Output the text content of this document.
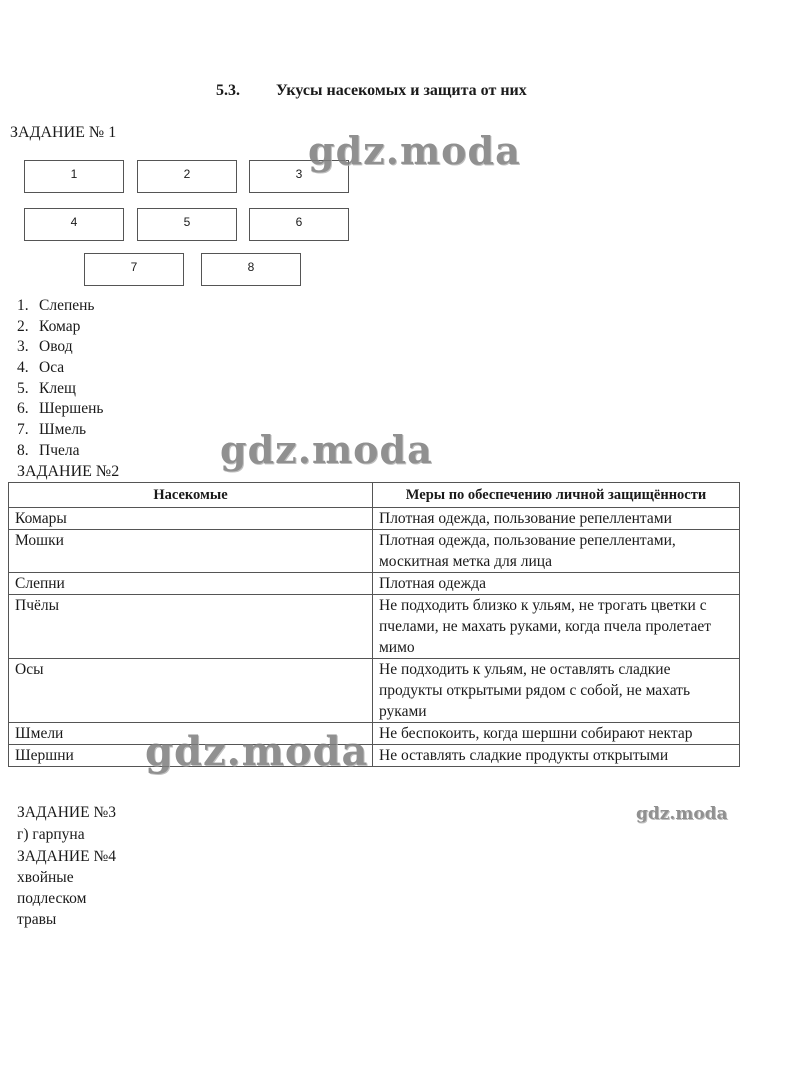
5.3. Укусы насекомых и защита от них
ЗАДАНИЕ № 1
1	2	3
4	5	6
7	8
1. Слепень
2. Комар
3. Овод
4. Оса
5. Клещ
6. Шершень
7. Шмель
8. Пчела
ЗАДАНИЕ №2
Насекомые	Меры по обеспечению личной защищённости
Комары	Плотная одежда, пользование репеллентами
Мошки	Плотная одежда, пользование репеллентами, москитная метка для лица
Слепни	Плотная одежда
Пчёлы	Не подходить близко к ульям, не трогать цветки с пчелами, не махать руками, когда пчела пролетает мимо
Осы	Не подходить к ульям, не оставлять сладкие продукты открытыми рядом с собой, не махать руками
Шмели	Не беспокоить, когда шершни собирают нектар
Шершни	Не оставлять сладкие продукты открытыми
ЗАДАНИЕ №3
г) гарпуна
ЗАДАНИЕ №4
хвойные
подлеском
травы
gdz.moda
gdz.moda
gdz.moda
gdz.moda
